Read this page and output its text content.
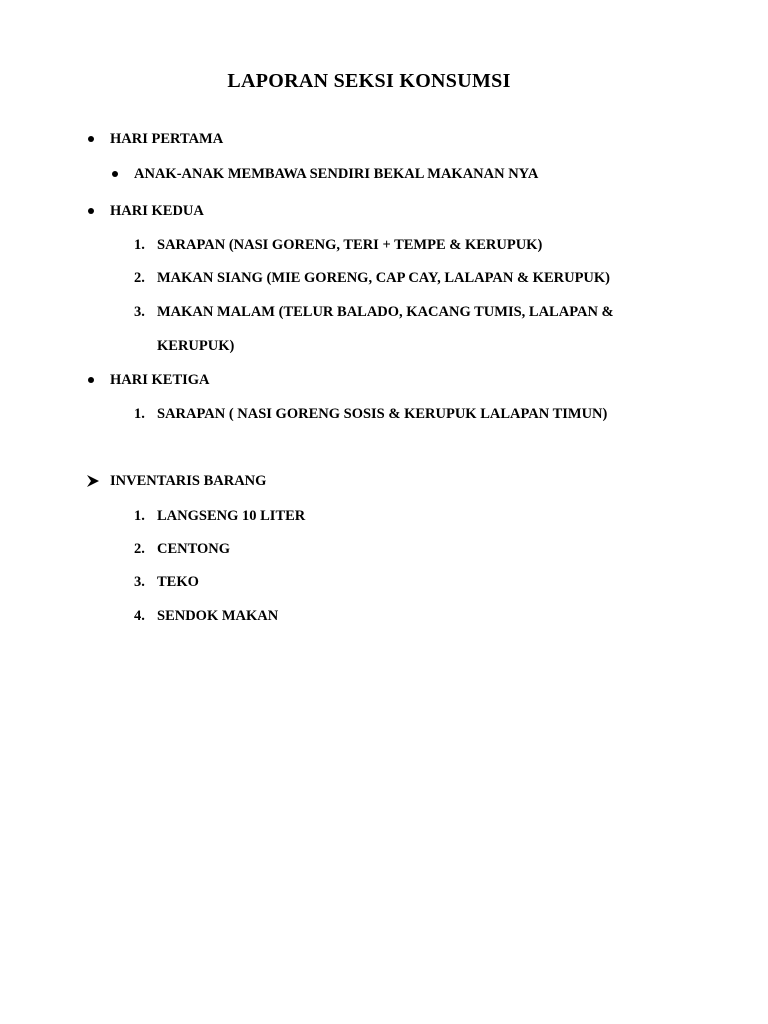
LAPORAN SEKSI KONSUMSI
HARI PERTAMA
ANAK-ANAK MEMBAWA SENDIRI BEKAL MAKANAN NYA
HARI KEDUA
1. SARAPAN (NASI GORENG, TERI + TEMPE & KERUPUK)
2. MAKAN SIANG (MIE GORENG, CAP CAY, LALAPAN & KERUPUK)
3. MAKAN MALAM (TELUR BALADO, KACANG TUMIS, LALAPAN &
KERUPUK)
HARI KETIGA
1. SARAPAN ( NASI GORENG SOSIS & KERUPUK LALAPAN TIMUN)
INVENTARIS BARANG
1. LANGSENG 10 LITER
2. CENTONG
3. TEKO
4. SENDOK MAKAN
